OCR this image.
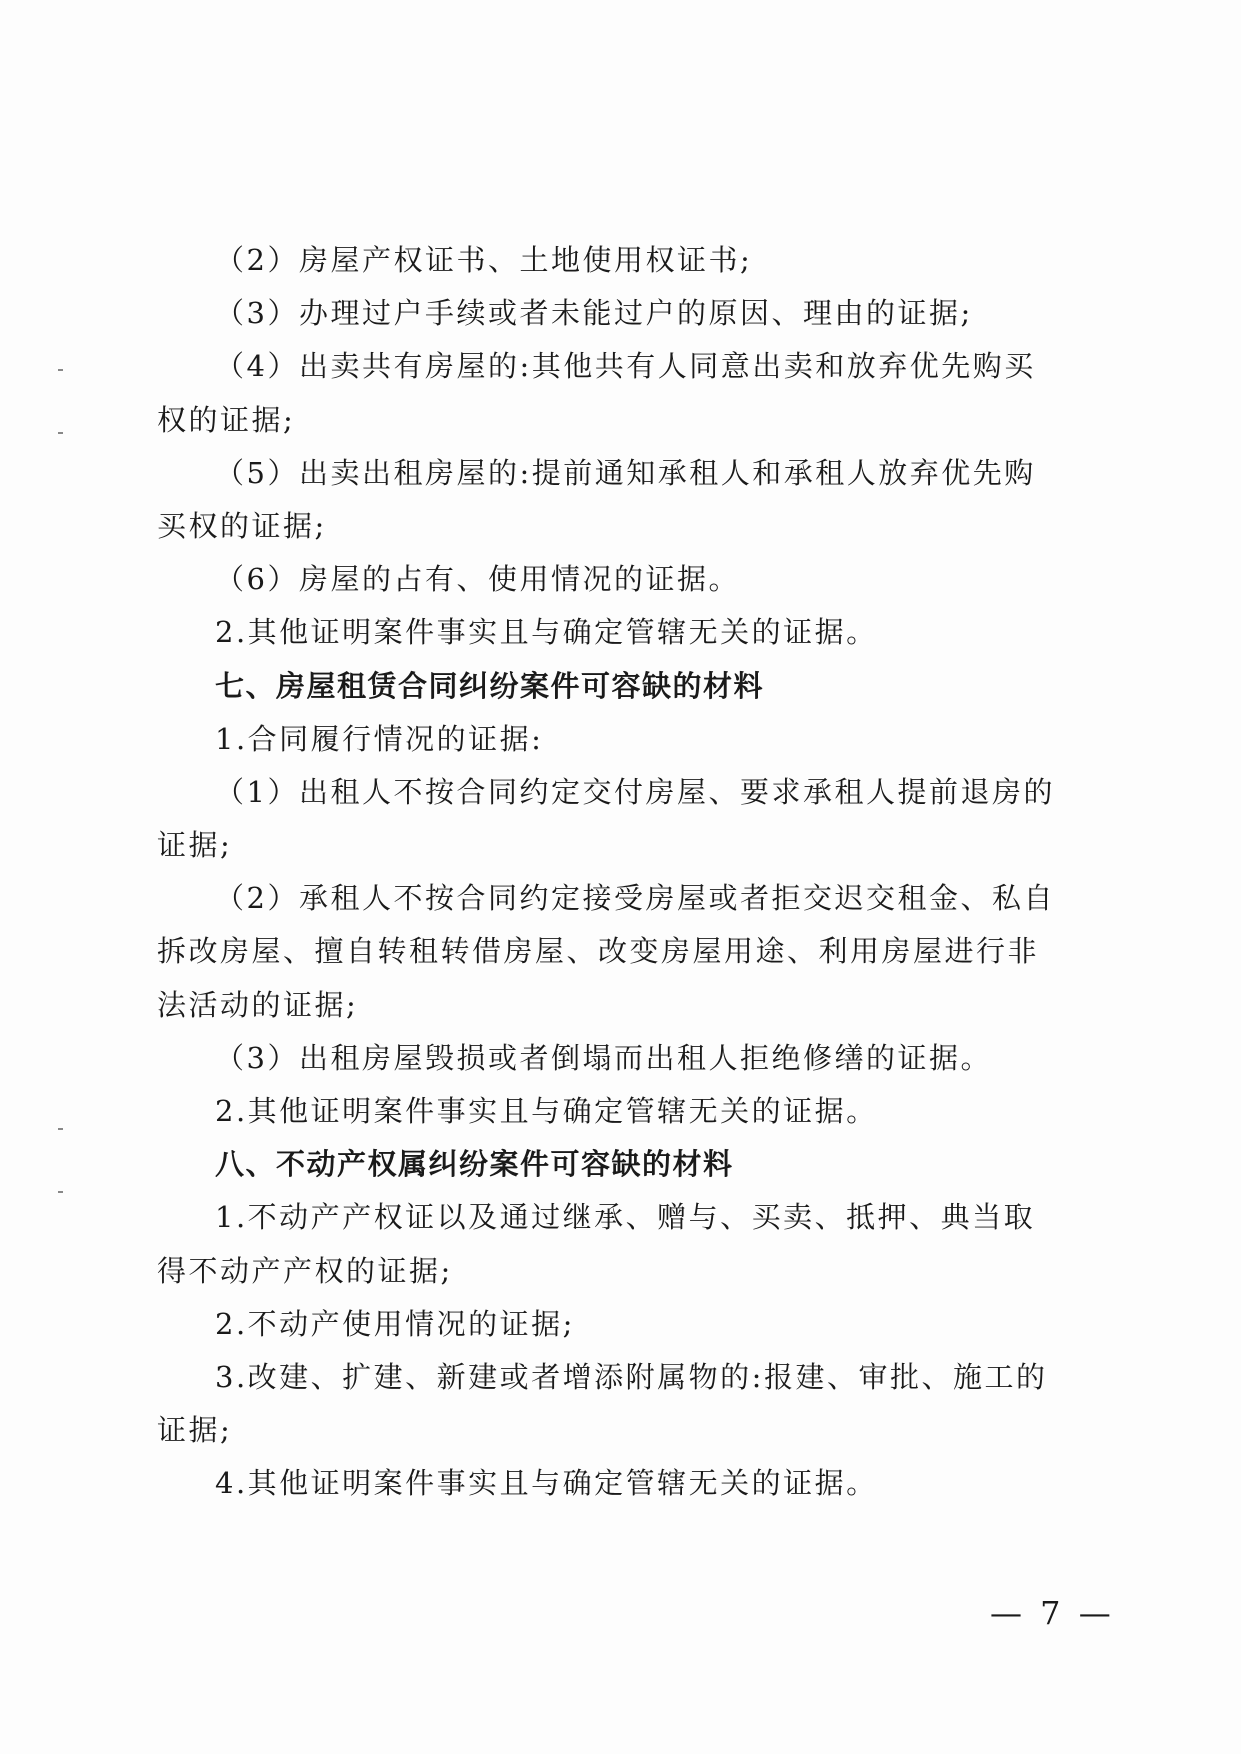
（2）房屋产权证书、土地使用权证书;
（3）办理过户手续或者未能过户的原因、理由的证据;
（4）出卖共有房屋的:其他共有人同意出卖和放弃优先购买
权的证据;
（5）出卖出租房屋的:提前通知承租人和承租人放弃优先购
买权的证据;
（6）房屋的占有、使用情况的证据。
2.其他证明案件事实且与确定管辖无关的证据。
七、房屋租赁合同纠纷案件可容缺的材料
1.合同履行情况的证据:
（1）出租人不按合同约定交付房屋、要求承租人提前退房的
证据;
（2）承租人不按合同约定接受房屋或者拒交迟交租金、私自
拆改房屋、擅自转租转借房屋、改变房屋用途、利用房屋进行非
法活动的证据;
（3）出租房屋毁损或者倒塌而出租人拒绝修缮的证据。
2.其他证明案件事实且与确定管辖无关的证据。
八、不动产权属纠纷案件可容缺的材料
1.不动产产权证以及通过继承、赠与、买卖、抵押、典当取
得不动产产权的证据;
2.不动产使用情况的证据;
3.改建、扩建、新建或者增添附属物的:报建、审批、施工的
证据;
4.其他证明案件事实且与确定管辖无关的证据。
— 7 —
